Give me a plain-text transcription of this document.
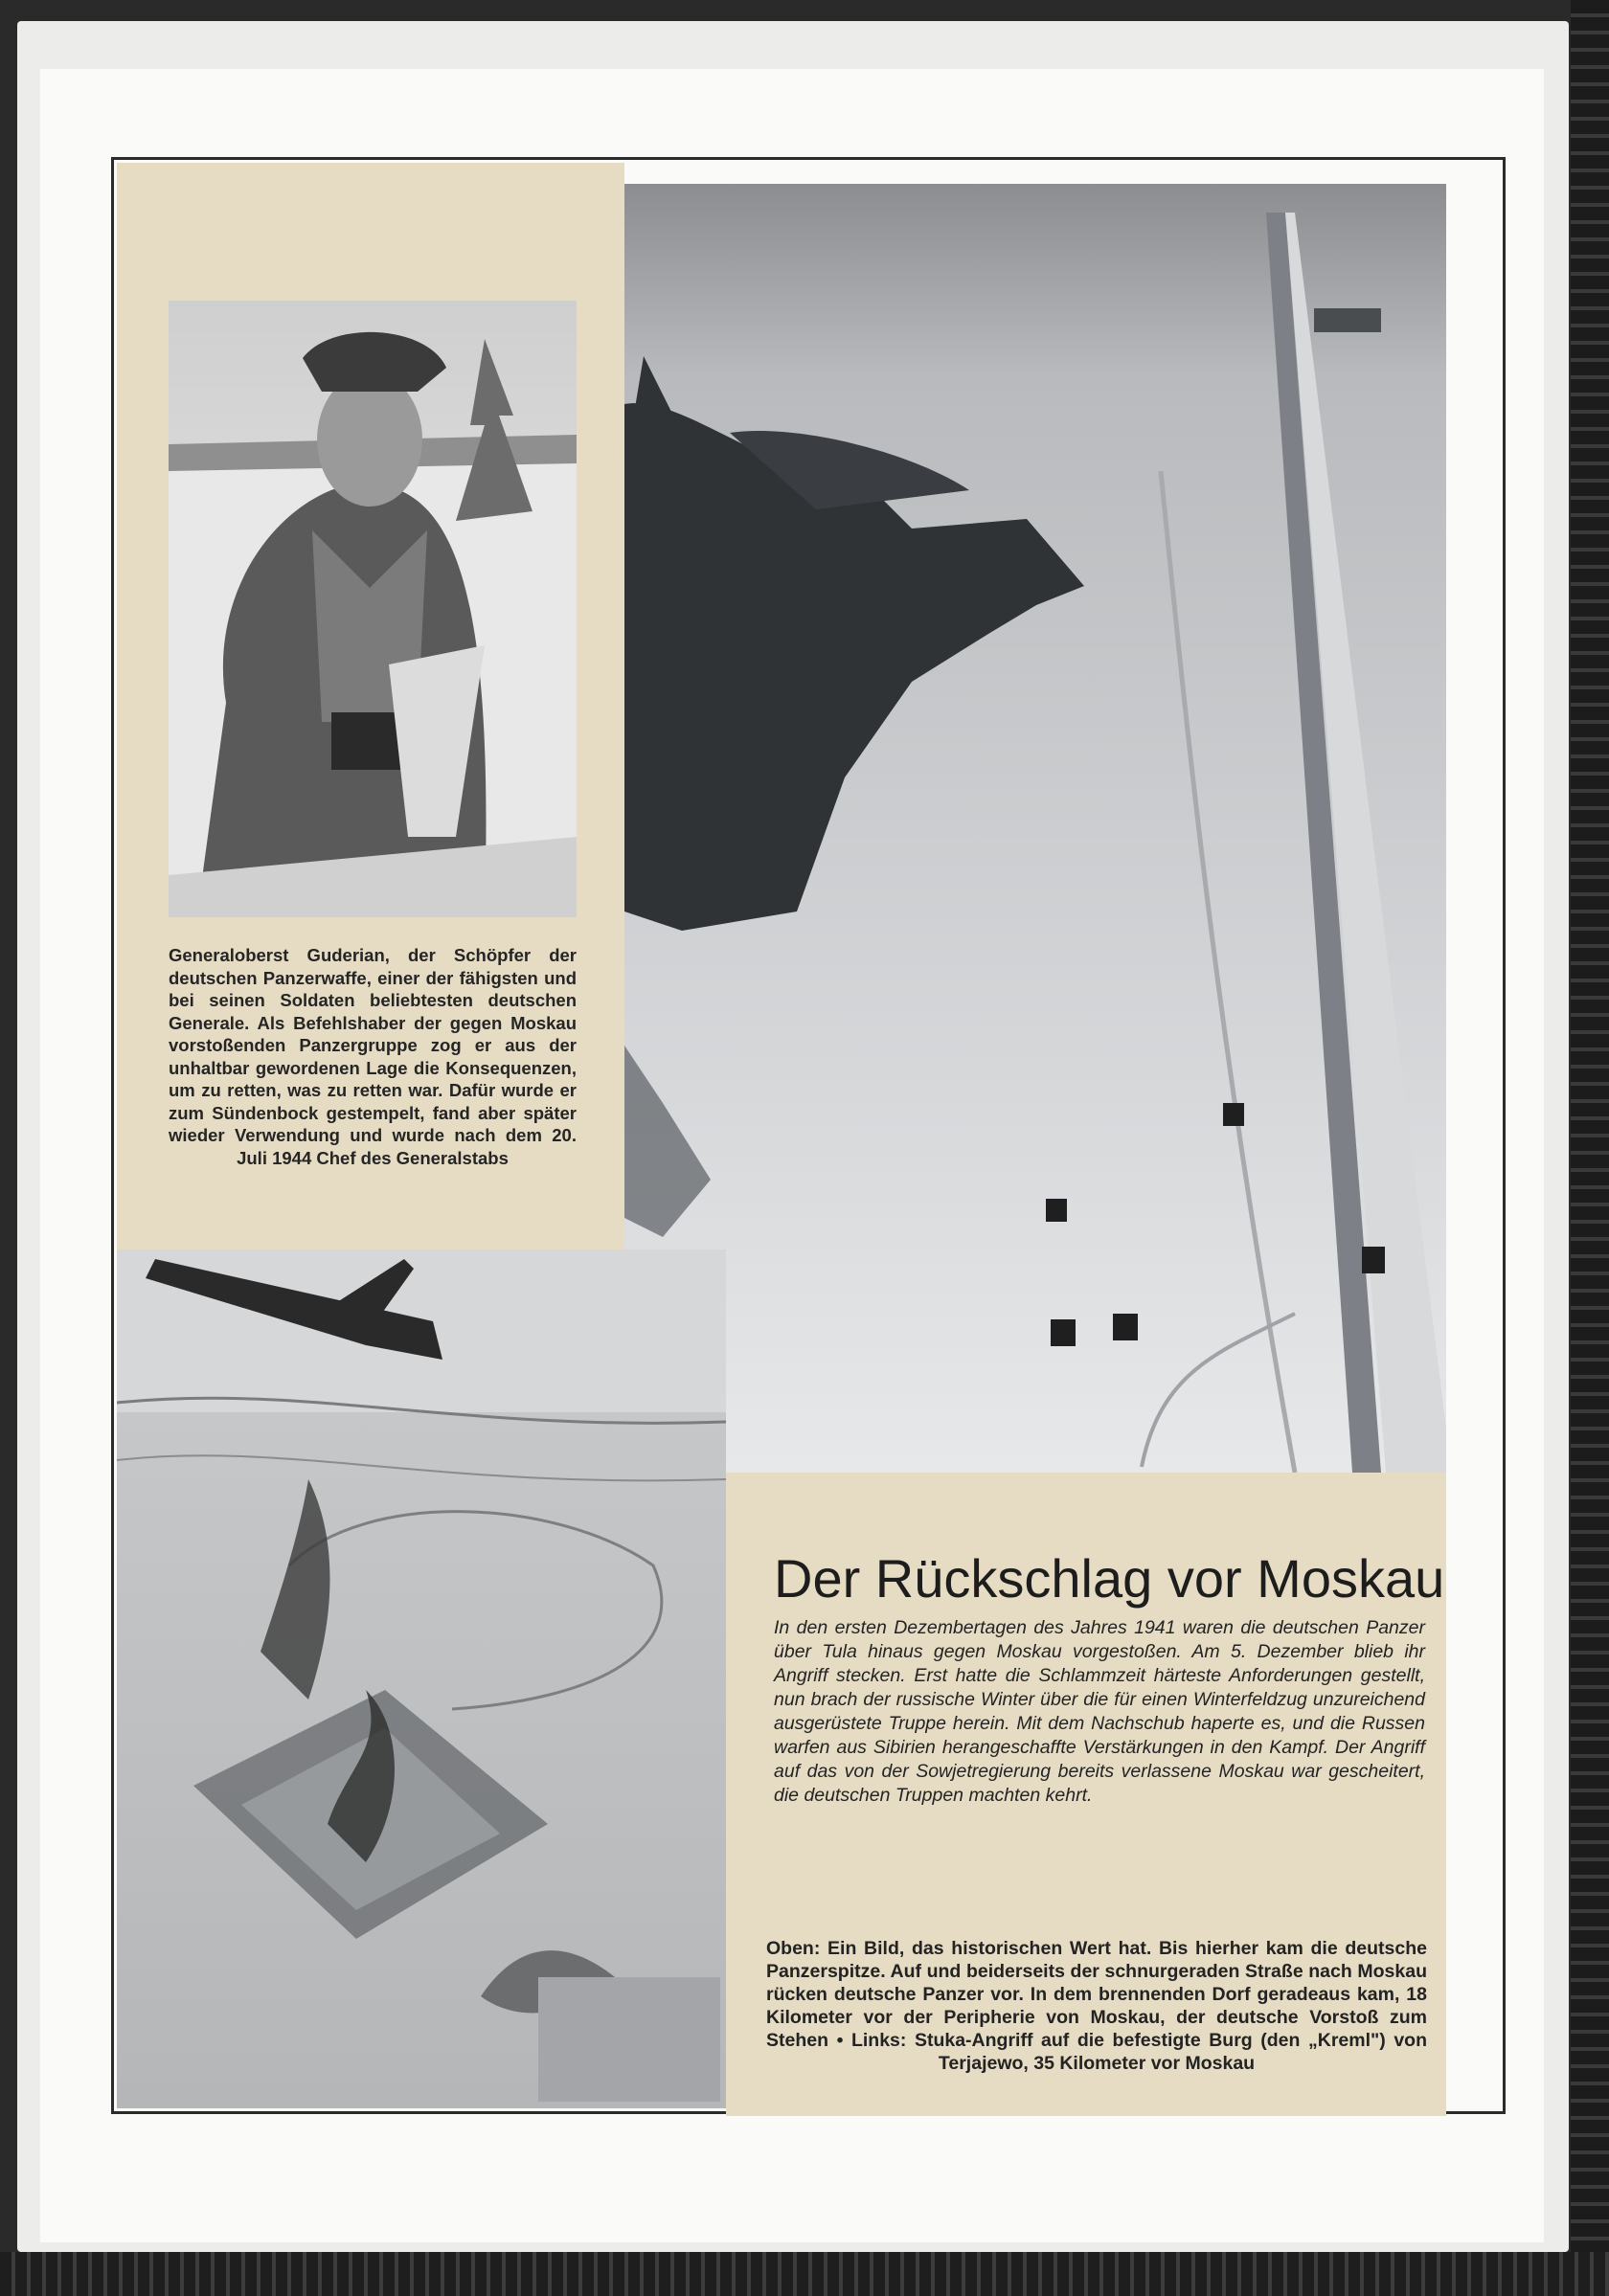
Generaloberst Guderian, der Schöpfer der deutschen Panzerwaffe, einer der fähigsten und bei seinen Soldaten beliebtesten deutschen Generale. Als Befehlshaber der gegen Moskau vorstoßenden Panzergruppe zog er aus der unhaltbar gewordenen Lage die Konsequenzen, um zu retten, was zu retten war. Dafür wurde er zum Sündenbock gestempelt, fand aber später wieder Verwendung und wurde nach dem 20. Juli 1944 Chef des Generalstabs
Der Rückschlag vor Moskau
In den ersten Dezembertagen des Jahres 1941 waren die deutschen Panzer über Tula hinaus gegen Moskau vorgestoßen. Am 5. Dezember blieb ihr Angriff stecken. Erst hatte die Schlammzeit härteste Anforderungen gestellt, nun brach der russische Winter über die für einen Winterfeldzug unzureichend ausgerüstete Truppe herein. Mit dem Nachschub haperte es, und die Russen warfen aus Sibirien herangeschaffte Verstärkungen in den Kampf. Der Angriff auf das von der Sowjetregierung bereits verlassene Moskau war gescheitert, die deutschen Truppen machten kehrt.
Oben: Ein Bild, das historischen Wert hat. Bis hierher kam die deutsche Panzerspitze. Auf und beiderseits der schnurgeraden Straße nach Moskau rücken deutsche Panzer vor. In dem brennenden Dorf geradeaus kam, 18 Kilometer vor der Peripherie von Moskau, der deutsche Vorstoß zum Stehen • Links: Stuka-Angriff auf die befestigte Burg (den „Kreml") von Terjajewo, 35 Kilometer vor Moskau
